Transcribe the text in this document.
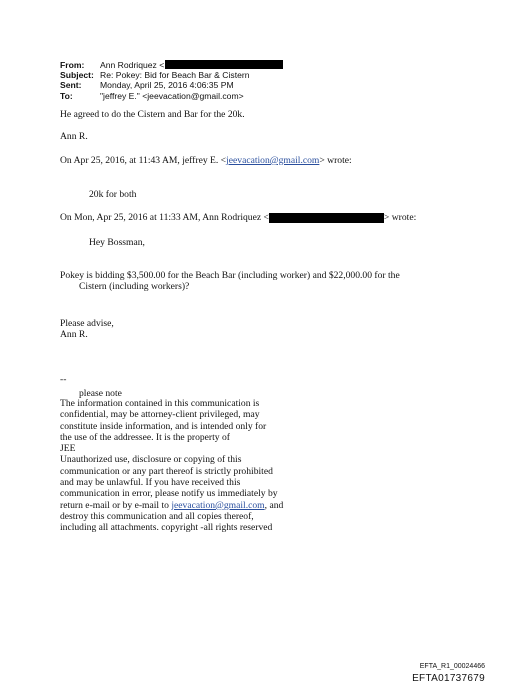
From:	Ann Rodriquez <
Subject: Re: Pokey: Bid for Beach Bar & Cistern
Sent:	Monday, April 25, 2016 4:06:35 PM
To:	"jeffrey E." <jeevacation@gmail.com>
He agreed to do the Cistern and Bar for the 20k.
Ann R.
On Apr 25, 2016, at 11:43 AM, jeffrey E. <jeevacation@gmail.com> wrote:
20k for both
On Mon, Apr 25, 2016 at 11:33 AM, Ann Rodriquez <	> wrote:
Hey Bossman,
Pokey is bidding $3,500.00 for the Beach Bar (including worker) and $22,000.00 for the
Cistern (including workers)?
Please advise,
Ann R.
--
please note
The information contained in this communication is
confidential, may be attorney-client privileged, may
constitute inside information, and is intended only for
the use of the addressee. It is the property of
JEE
Unauthorized use, disclosure or copying of this
communication or any part thereof is strictly prohibited
and may be unlawful. If you have received this
communication in error, please notify us immediately by
return e-mail or by e-mail to jeevacation@gmail.com, and
destroy this communication and all copies thereof,
including all attachments. copyright -all rights reserved
EFTA_R1_00024466
EFTA01737679
